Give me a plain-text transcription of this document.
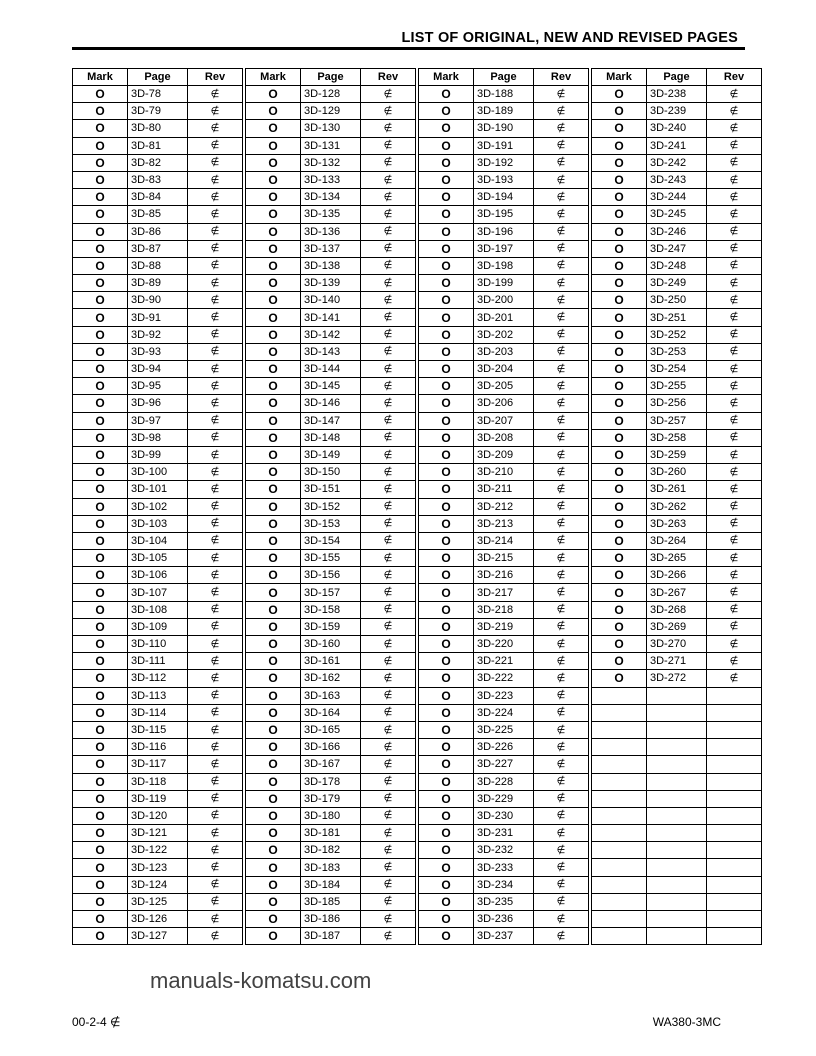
LIST OF ORIGINAL, NEW AND REVISED PAGES
Mark	Page	Rev
O	3D-78	∉
O	3D-79	∉
O	3D-80	∉
O	3D-81	∉
O	3D-82	∉
O	3D-83	∉
O	3D-84	∉
O	3D-85	∉
O	3D-86	∉
O	3D-87	∉
O	3D-88	∉
O	3D-89	∉
O	3D-90	∉
O	3D-91	∉
O	3D-92	∉
O	3D-93	∉
O	3D-94	∉
O	3D-95	∉
O	3D-96	∉
O	3D-97	∉
O	3D-98	∉
O	3D-99	∉
O	3D-100	∉
O	3D-101	∉
O	3D-102	∉
O	3D-103	∉
O	3D-104	∉
O	3D-105	∉
O	3D-106	∉
O	3D-107	∉
O	3D-108	∉
O	3D-109	∉
O	3D-110	∉
O	3D-111	∉
O	3D-112	∉
O	3D-113	∉
O	3D-114	∉
O	3D-115	∉
O	3D-116	∉
O	3D-117	∉
O	3D-118	∉
O	3D-119	∉
O	3D-120	∉
O	3D-121	∉
O	3D-122	∉
O	3D-123	∉
O	3D-124	∉
O	3D-125	∉
O	3D-126	∉
O	3D-127	∉
Mark	Page	Rev
O	3D-128	∉
O	3D-129	∉
O	3D-130	∉
O	3D-131	∉
O	3D-132	∉
O	3D-133	∉
O	3D-134	∉
O	3D-135	∉
O	3D-136	∉
O	3D-137	∉
O	3D-138	∉
O	3D-139	∉
O	3D-140	∉
O	3D-141	∉
O	3D-142	∉
O	3D-143	∉
O	3D-144	∉
O	3D-145	∉
O	3D-146	∉
O	3D-147	∉
O	3D-148	∉
O	3D-149	∉
O	3D-150	∉
O	3D-151	∉
O	3D-152	∉
O	3D-153	∉
O	3D-154	∉
O	3D-155	∉
O	3D-156	∉
O	3D-157	∉
O	3D-158	∉
O	3D-159	∉
O	3D-160	∉
O	3D-161	∉
O	3D-162	∉
O	3D-163	∉
O	3D-164	∉
O	3D-165	∉
O	3D-166	∉
O	3D-167	∉
O	3D-178	∉
O	3D-179	∉
O	3D-180	∉
O	3D-181	∉
O	3D-182	∉
O	3D-183	∉
O	3D-184	∉
O	3D-185	∉
O	3D-186	∉
O	3D-187	∉
Mark	Page	Rev
O	3D-188	∉
O	3D-189	∉
O	3D-190	∉
O	3D-191	∉
O	3D-192	∉
O	3D-193	∉
O	3D-194	∉
O	3D-195	∉
O	3D-196	∉
O	3D-197	∉
O	3D-198	∉
O	3D-199	∉
O	3D-200	∉
O	3D-201	∉
O	3D-202	∉
O	3D-203	∉
O	3D-204	∉
O	3D-205	∉
O	3D-206	∉
O	3D-207	∉
O	3D-208	∉
O	3D-209	∉
O	3D-210	∉
O	3D-211	∉
O	3D-212	∉
O	3D-213	∉
O	3D-214	∉
O	3D-215	∉
O	3D-216	∉
O	3D-217	∉
O	3D-218	∉
O	3D-219	∉
O	3D-220	∉
O	3D-221	∉
O	3D-222	∉
O	3D-223	∉
O	3D-224	∉
O	3D-225	∉
O	3D-226	∉
O	3D-227	∉
O	3D-228	∉
O	3D-229	∉
O	3D-230	∉
O	3D-231	∉
O	3D-232	∉
O	3D-233	∉
O	3D-234	∉
O	3D-235	∉
O	3D-236	∉
O	3D-237	∉
Mark	Page	Rev
O	3D-238	∉
O	3D-239	∉
O	3D-240	∉
O	3D-241	∉
O	3D-242	∉
O	3D-243	∉
O	3D-244	∉
O	3D-245	∉
O	3D-246	∉
O	3D-247	∉
O	3D-248	∉
O	3D-249	∉
O	3D-250	∉
O	3D-251	∉
O	3D-252	∉
O	3D-253	∉
O	3D-254	∉
O	3D-255	∉
O	3D-256	∉
O	3D-257	∉
O	3D-258	∉
O	3D-259	∉
O	3D-260	∉
O	3D-261	∉
O	3D-262	∉
O	3D-263	∉
O	3D-264	∉
O	3D-265	∉
O	3D-266	∉
O	3D-267	∉
O	3D-268	∉
O	3D-269	∉
O	3D-270	∉
O	3D-271	∉
O	3D-272	∉

manuals-komatsu.com
00-2-4 ∉	WA380-3MC
